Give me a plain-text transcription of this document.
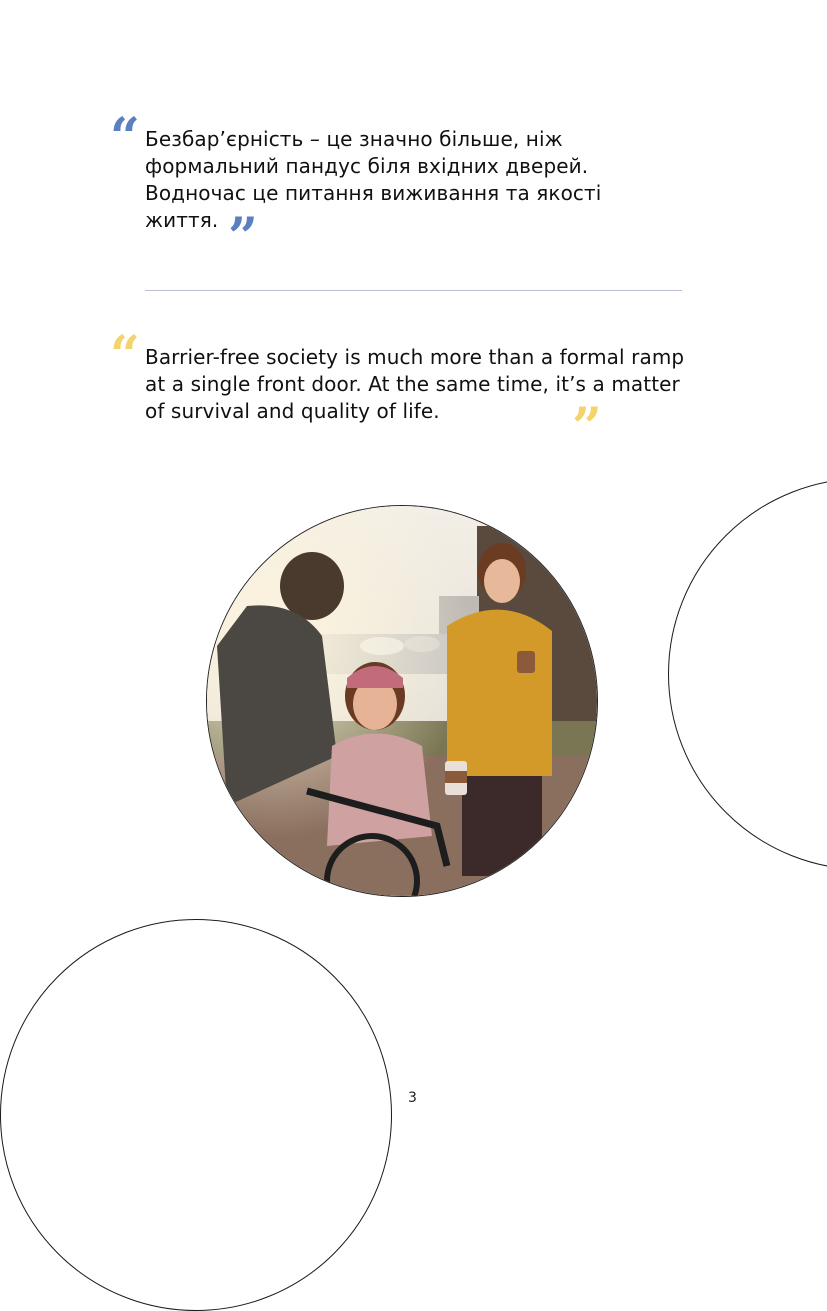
“ Безбар’єрність – це значно більше, ніж формальний пандус біля вхідних дверей. Водночас це питання виживання та якості життя. ”
“ Barrier-free society is much more than a formal ramp at a single front door. At the same time, it’s a matter of survival and quality of life.	”
3
